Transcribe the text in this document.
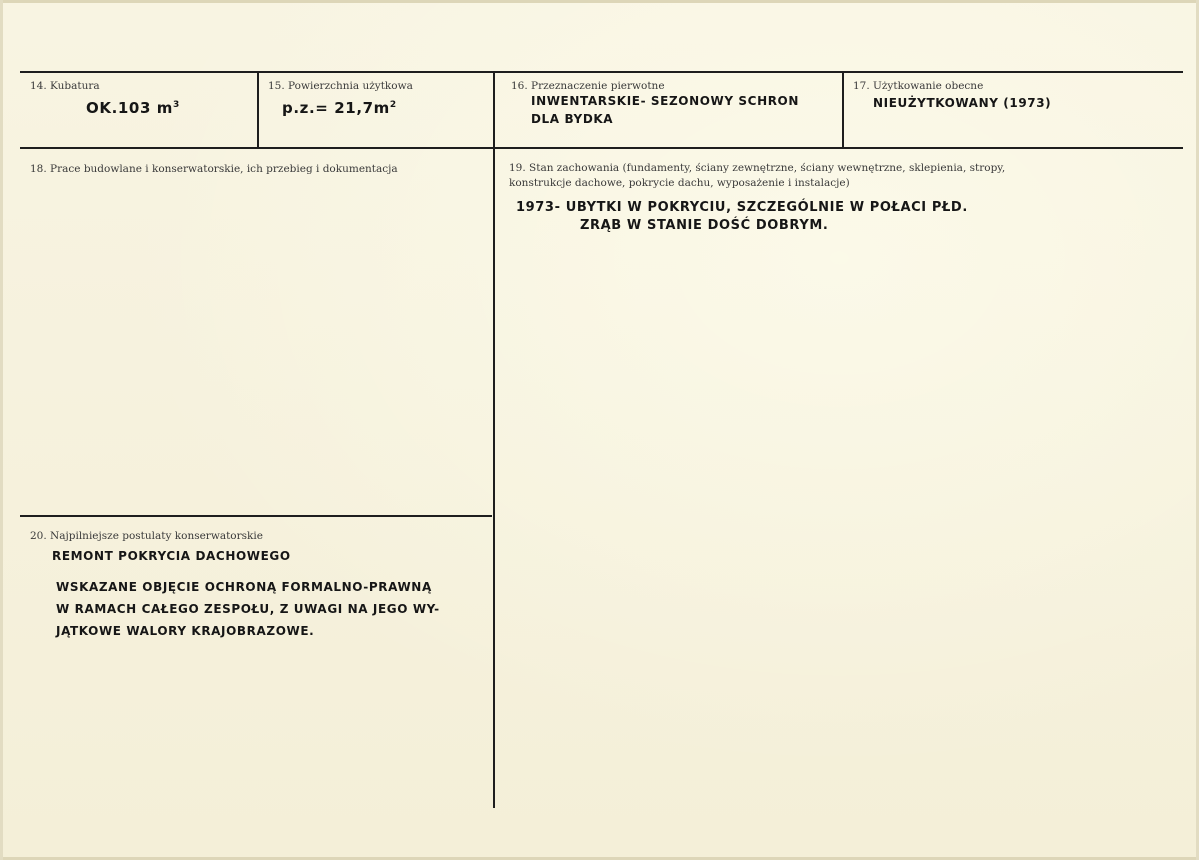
14. Kubatura
OK.103 $m^3$
15. Powierzchnia użytkowa
$p.z.= 21,7m^2$
16. Przeznaczenie pierwotne
INWENTARSKIE- SEZONOWY SCHRON
DLA BYDKA
17. Użytkowanie obecne
NIEUŻYTKOWANY (1973)
18. Prace budowlane i konserwatorskie, ich przebieg i dokumentacja	19. Stan zachowania (fundamenty, ściany zewnętrzne, ściany wewnętrzne, sklepienia, stropy,
konstrukcje dachowe, pokrycie dachu, wyposażenie i instalacje)
1973- UBYTKI W POKRYCIU, SZCZEGÓLNIE W POŁACI PŁD.
ZRĄB W STANIE DOŚĆ DOBRYM.
20. Najpilniejsze postulaty konserwatorskie
REMONT POKRYCIA DACHOWEGO
WSKAZANE OBJĘCIE OCHRONĄ FORMALNO-PRAWNĄ
W RAMACH CAŁEGO ZESPOŁU, Z UWAGI NA JEGO WY-
JĄTKOWE WALORY KRAJOBRAZOWE.
